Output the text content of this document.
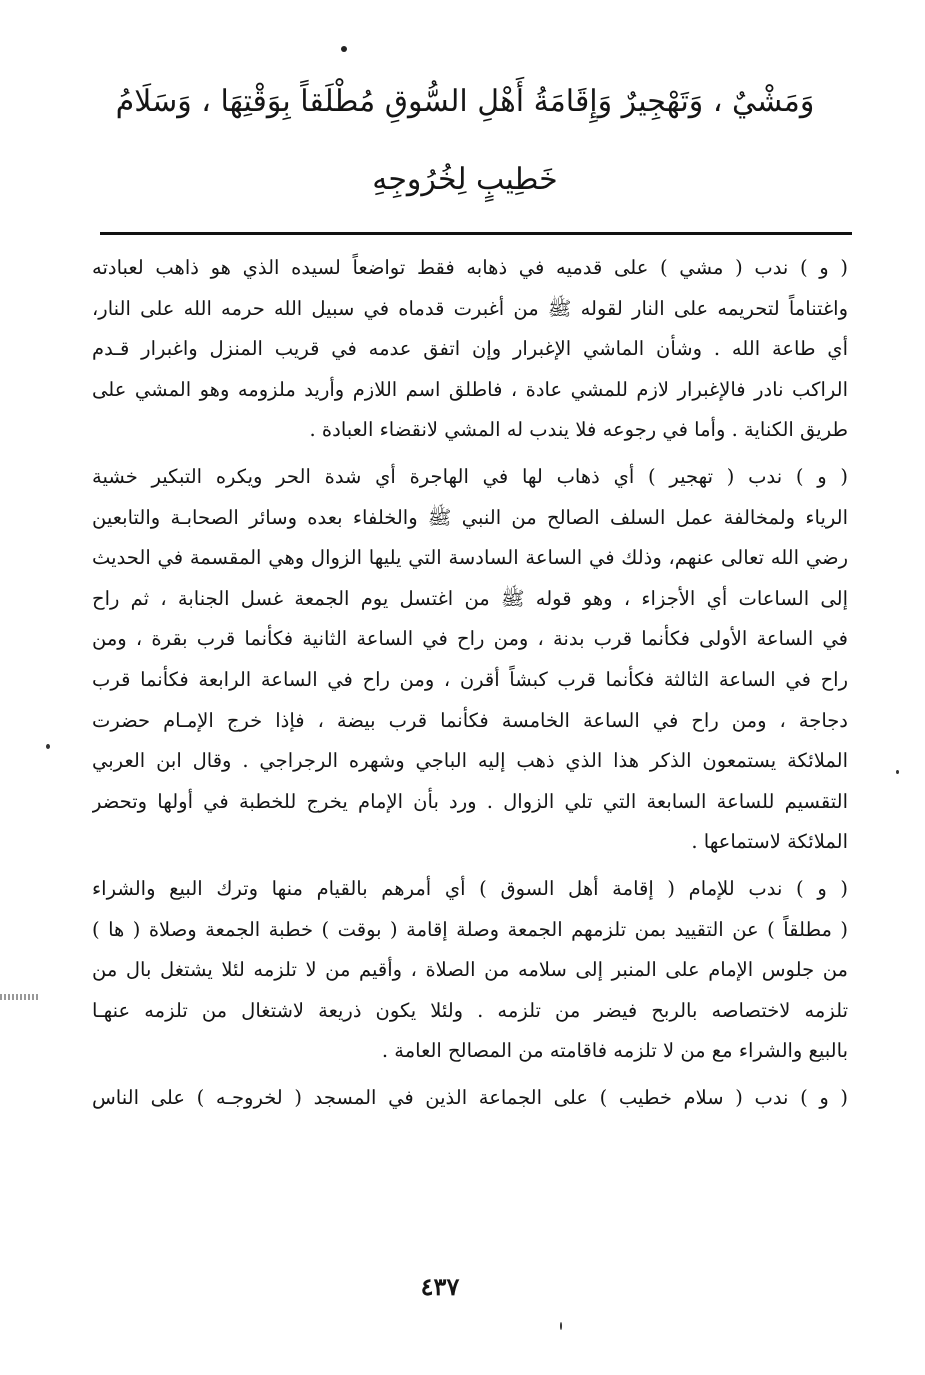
وَمَشْيٌ ، وَتَهْجِيرٌ وَإِقَامَةُ أَهْلِ السُّوقِ مُطْلَقاً بِوَقْتِهَا ، وَسَلَامُ
خَطِيبٍ لِخُرُوجِهِ
( و ) ندب ( مشي ) على قدميه في ذهابه فقط تواضعاً لسيده الذي هو ذاهب لعبادته
واغتناماً لتحريمه على النار لقوله ﷺ من أغبرت قدماه في سبيل الله حرمه الله على النار،
أي طاعة الله . وشأن الماشي الإغبرار وإن اتفق عدمه في قريب المنزل واغبرار قـدم
الراكب نادر فالإغبرار لازم للمشي عادة ، فاطلق اسم اللازم وأريد ملزومه وهو المشي على
طريق الكناية . وأما في رجوعه فلا يندب له المشي لانقضاء العبادة .
( و ) ندب ( تهجير ) أي ذهاب لها في الهاجرة أي شدة الحر ويكره التبكير خشية
الرياء ولمخالفة عمل السلف الصالح من النبي ﷺ والخلفاء بعده وسائر الصحابـة والتابعين
رضي الله تعالى عنهم، وذلك في الساعة السادسة التي يليها الزوال وهي المقسمة في الحديث
إلى الساعات أي الأجزاء ، وهو قوله ﷺ من اغتسل يوم الجمعة غسل الجنابة ، ثم راح
في الساعة الأولى فكأنما قرب بدنة ، ومن راح في الساعة الثانية فكأنما قرب بقرة ، ومن
راح في الساعة الثالثة فكأنما قرب كبشاً أقرن ، ومن راح في الساعة الرابعة فكأنما قرب
دجاجة ، ومن راح في الساعة الخامسة فكأنما قرب بيضة ، فإذا خرج الإمـام حضرت
الملائكة يستمعون الذكر هذا الذي ذهب إليه الباجي وشهره الرجراجي . وقال ابن العربي
التقسيم للساعة السابعة التي تلي الزوال . ورد بأن الإمام يخرج للخطبة في أولها وتحضر
الملائكة لاستماعها .
( و ) ندب للإمام ( إقامة أهل السوق ) أي أمرهم بالقيام منها وترك البيع والشراء
( مطلقاً ) عن التقييد بمن تلزمهم الجمعة وصلة إقامة ( بوقت ) خطبة الجمعة وصلاة ( ها )
من جلوس الإمام على المنبر إلى سلامه من الصلاة ، وأقيم من لا تلزمه لئلا يشتغل بال من
تلزمه لاختصاصه بالربح فيضر من تلزمه . ولئلا يكون ذريعة لاشتغال من تلزمه عنهـا
بالبيع والشراء مع من لا تلزمه فاقامته من المصالح العامة .
( و ) ندب ( سلام خطيب ) على الجماعة الذين في المسجد ( لخروجـه ) على الناس
٤٣٧
